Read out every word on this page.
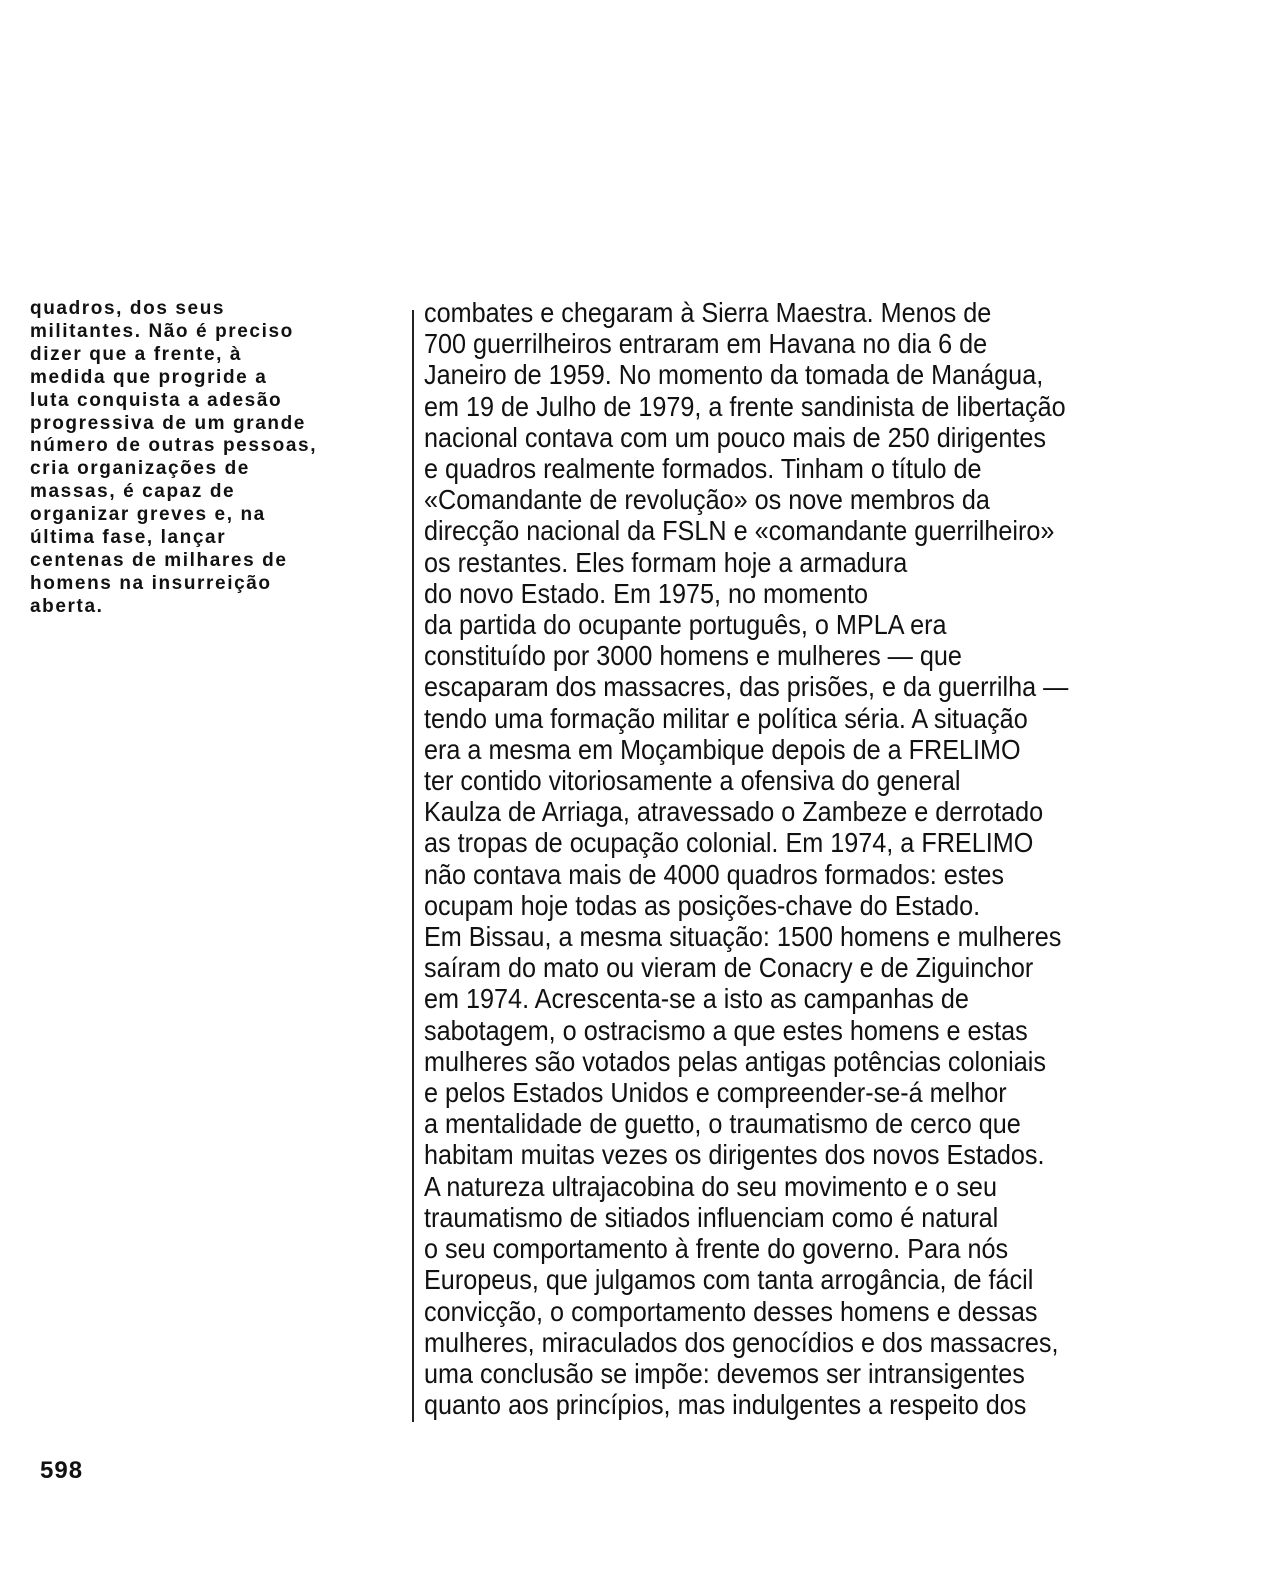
quadros, dos seus
militantes. Não é preciso
dizer que a frente, à
medida que progride a
luta conquista a adesão
progressiva de um grande
número de outras pessoas,
cria organizações de
massas, é capaz de
organizar greves e, na
última fase, lançar
centenas de milhares de
homens na insurreição
aberta.
combates e chegaram à Sierra Maestra. Menos de
700 guerrilheiros entraram em Havana no dia 6 de
Janeiro de 1959. No momento da tomada de Manágua,
em 19 de Julho de 1979, a frente sandinista de libertação
nacional contava com um pouco mais de 250 dirigentes
e quadros realmente formados. Tinham o título de
«Comandante de revolução» os nove membros da
direcção nacional da FSLN e «comandante guerrilheiro»
os restantes. Eles formam hoje a armadura
do novo Estado. Em 1975, no momento
da partida do ocupante português, o MPLA era
constituído por 3000 homens e mulheres — que
escaparam dos massacres, das prisões, e da guerrilha —
tendo uma formação militar e política séria. A situação
era a mesma em Moçambique depois de a FRELIMO
ter contido vitoriosamente a ofensiva do general
Kaulza de Arriaga, atravessado o Zambeze e derrotado
as tropas de ocupação colonial. Em 1974, a FRELIMO
não contava mais de 4000 quadros formados: estes
ocupam hoje todas as posições-chave do Estado.
Em Bissau, a mesma situação: 1500 homens e mulheres
saíram do mato ou vieram de Conacry e de Ziguinchor
em 1974. Acrescenta-se a isto as campanhas de
sabotagem, o ostracismo a que estes homens e estas
mulheres são votados pelas antigas potências coloniais
e pelos Estados Unidos e compreender-se-á melhor
a mentalidade de guetto, o traumatismo de cerco que
habitam muitas vezes os dirigentes dos novos Estados.
A natureza ultrajacobina do seu movimento e o seu
traumatismo de sitiados influenciam como é natural
o seu comportamento à frente do governo. Para nós
Europeus, que julgamos com tanta arrogância, de fácil
convicção, o comportamento desses homens e dessas
mulheres, miraculados dos genocídios e dos massacres,
uma conclusão se impõe: devemos ser intransigentes
quanto aos princípios, mas indulgentes a respeito dos
598
